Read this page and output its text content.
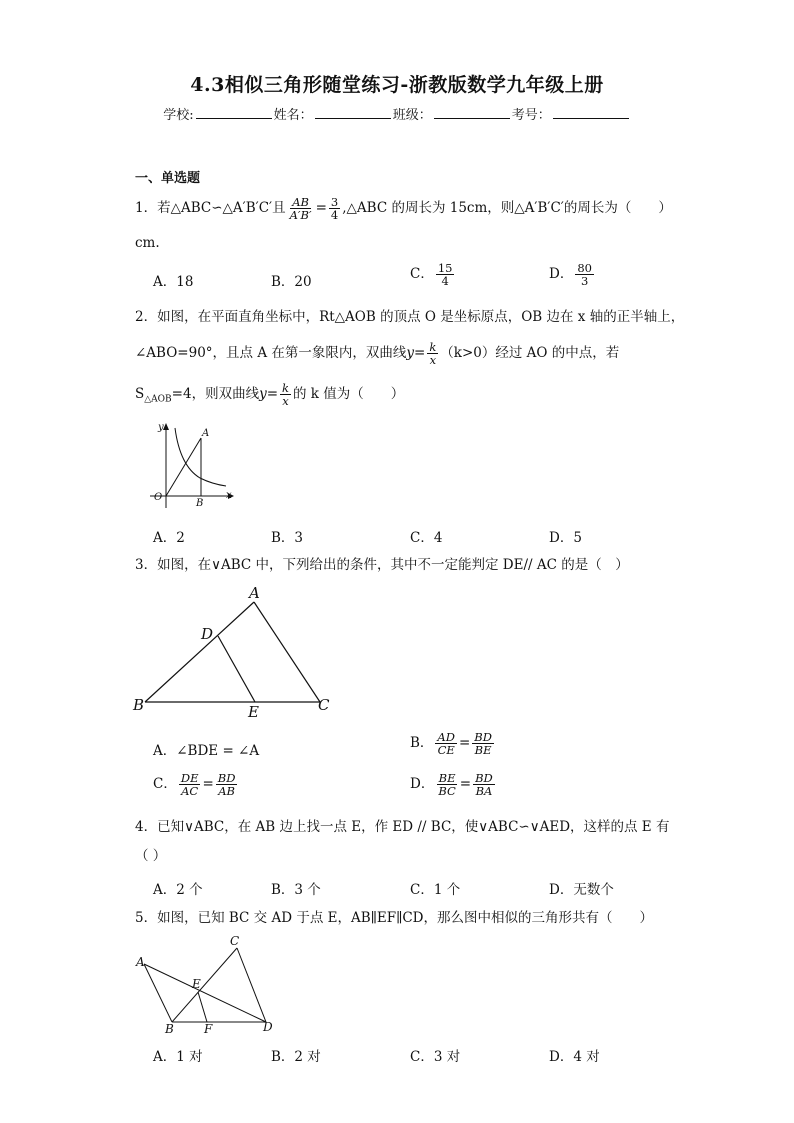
4.3相似三角形随堂练习-浙教版数学九年级上册
学校:	姓名：	班级：	考号：
一、单选题
1．若△ABC∽△A′B′C′且 $\frac{AB}{A'B'} = \frac{3}{4}$ ,△ABC 的周长为 15cm，则△A′B′C′的周长为（　　）
cm.
A．18	B．20	C． $\frac{15}{4}$	D． $\frac{80}{3}$
2．如图，在平面直角坐标中，Rt△AOB 的顶点 O 是坐标原点，OB 边在 x 轴的正半轴上，
∠ABO=90°，且点 A 在第一象限内，双曲线$y= \frac{k}{x} (k>0)$经过 AO 的中点，若
$S_{\triangle AOB}=4$，则双曲线$y= \frac{k}{x}$ 的 k 值为（　　）
y
x
O
A
B
A．2	B．3	C．4	D．5
3．如图，在∨ABC 中，下列给出的条件，其中不一定能判定 DE// AC 的是（　）
A
B	C
D
E
A．∠BDE = ∠A	B． $\frac{AD}{CE} = \frac{BD}{BE}$
C． $\frac{DE}{AC} = \frac{BD}{AB}$	D． $\frac{BE}{BC} = \frac{BD}{BA}$
4．已知∨ABC，在 AB 边上找一点 E，作 ED // BC，使∨ABC∽∨AED，这样的点 E 有
（ ）
A．2 个	B．3 个	C．1 个	D．无数个
5．如图，已知 BC 交 AD 于点 E，AB∥EF∥CD，那么图中相似的三角形共有（　　）
A
B
C
D
E
F
A．1 对	B．2 对	C．3 对	D．4 对
